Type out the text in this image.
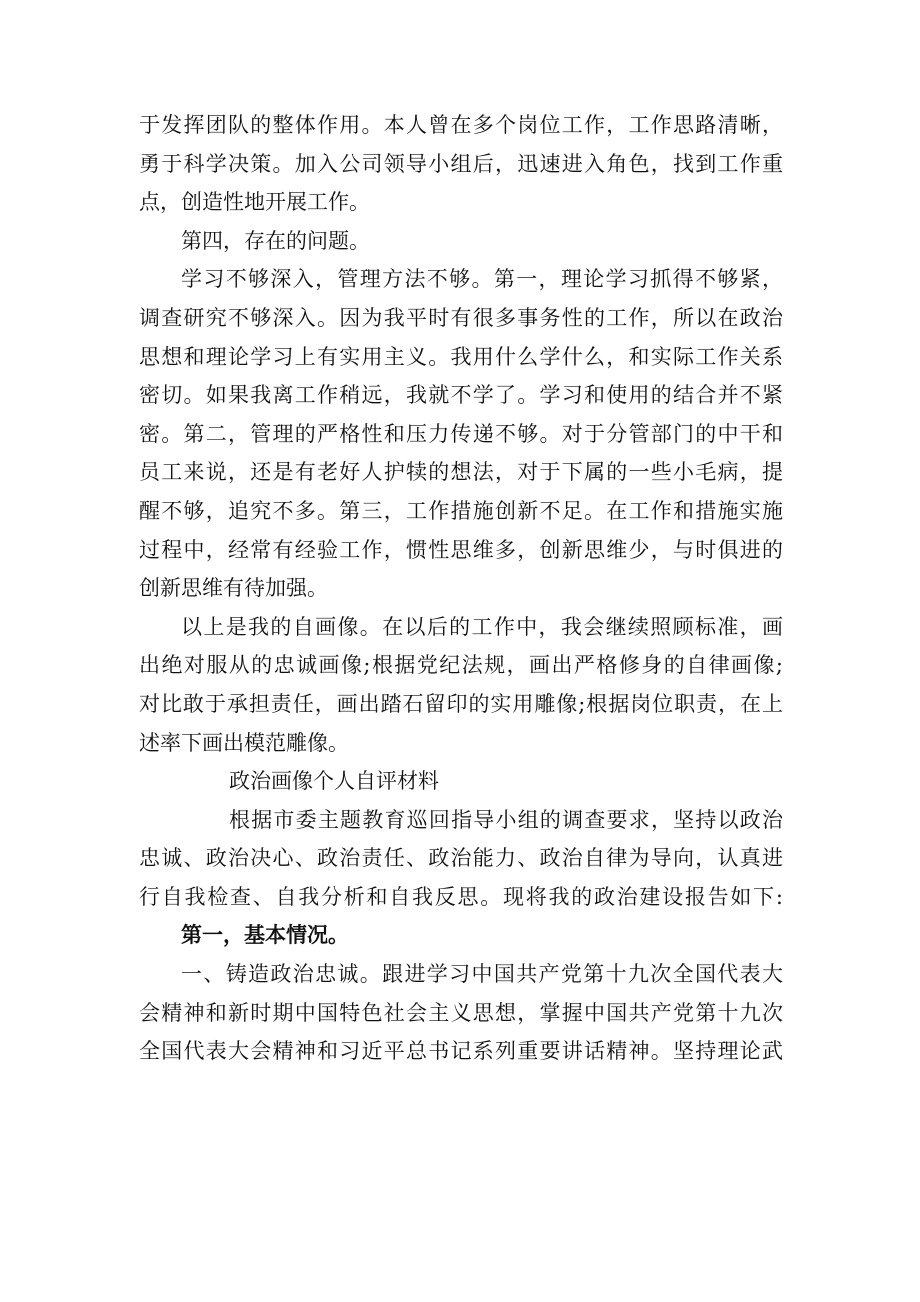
于发挥团队的整体作用。本人曾在多个岗位工作，工作思路清晰，
勇于科学决策。加入公司领导小组后，迅速进入角色，找到工作重
点，创造性地开展工作。
第四，存在的问题。
学习不够深入，管理方法不够。第一，理论学习抓得不够紧，
调查研究不够深入。因为我平时有很多事务性的工作，所以在政治
思想和理论学习上有实用主义。我用什么学什么，和实际工作关系
密切。如果我离工作稍远，我就不学了。学习和使用的结合并不紧
密。第二，管理的严格性和压力传递不够。对于分管部门的中干和
员工来说，还是有老好人护犊的想法，对于下属的一些小毛病，提
醒不够，追究不多。第三，工作措施创新不足。在工作和措施实施
过程中，经常有经验工作，惯性思维多，创新思维少，与时俱进的
创新思维有待加强。
以上是我的自画像。在以后的工作中，我会继续照顾标准，画
出绝对服从的忠诚画像;根据党纪法规，画出严格修身的自律画像;
对比敢于承担责任，画出踏石留印的实用雕像;根据岗位职责，在上
述率下画出模范雕像。
政治画像个人自评材料
根据市委主题教育巡回指导小组的调查要求，坚持以政治
忠诚、政治决心、政治责任、政治能力、政治自律为导向，认真进
行自我检查、自我分析和自我反思。现将我的政治建设报告如下:
第一，基本情况。
一、铸造政治忠诚。跟进学习中国共产党第十九次全国代表大
会精神和新时期中国特色社会主义思想，掌握中国共产党第十九次
全国代表大会精神和习近平总书记系列重要讲话精神。坚持理论武
